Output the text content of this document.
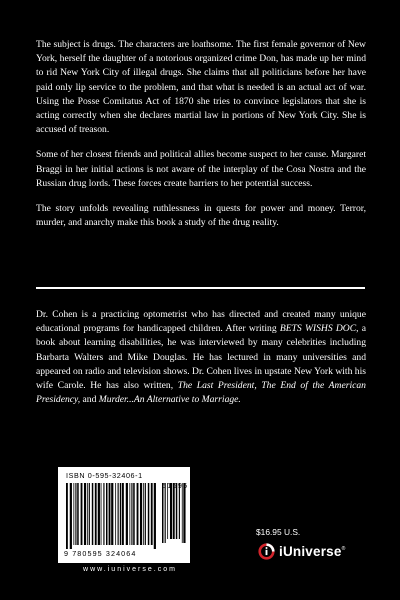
The subject is drugs. The characters are loathsome. The first female governor of New York, herself the daughter of a notorious organized crime Don, has made up her mind to rid New York City of illegal drugs. She claims that all politicians before her have paid only lip service to the problem, and that what is needed is an actual act of war. Using the Posse Comitatus Act of 1870 she tries to convince legislators that she is acting correctly when she declares martial law in portions of New York City. She is accused of treason.

Some of her closest friends and political allies become suspect to her cause. Margaret Braggi in her initial actions is not aware of the interplay of the Cosa Nostra and the Russian drug lords. These forces create barriers to her potential success.

The story unfolds revealing ruthlessness in quests for power and money. Terror, murder, and anarchy make this book a study of the drug reality.

Dr. Cohen is a practicing optometrist who has directed and created many unique educational programs for handicapped children. After writing BETS WISHS DOC, a book about learning disabilities, he was interviewed by many celebrities including Barbarta Walters and Mike Douglas. He has lectured in many universities and appeared on radio and television shows. Dr. Cohen lives in upstate New York with his wife Carole. He has also written, The Last President, The End of the American Presidency, and Murder...An Alternative to Marriage.

ISBN 0-595-32406-1
51695
9 780595 324064
$16.95 U.S.
iUniverse®
www.iuniverse.com
